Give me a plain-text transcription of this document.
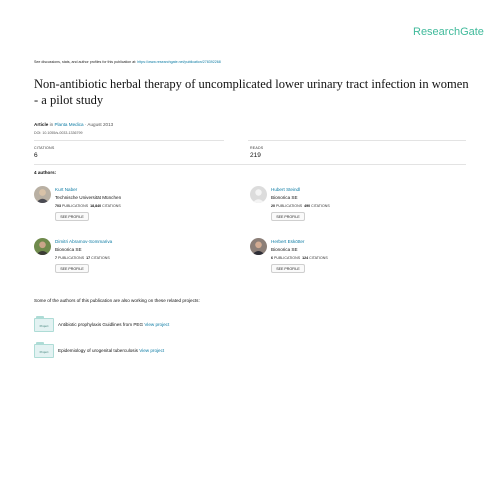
ResearchGate
See discussions, stats, and author profiles for this publication at: https://www.researchgate.net/publication/278392268
Non-antibiotic herbal therapy of uncomplicated lower urinary tract infection in women - a pilot study
Article in Planta Medica · August 2013
DOI: 10.1055/s-0033-1336799
CITATIONS
6
READS
219
4 authors:
Kurt Naber
Technische Universität München
703 PUBLICATIONS 18,840 CITATIONS
SEE PROFILE
Hubert Steindl
Bionorica SE
20 PUBLICATIONS 490 CITATIONS
SEE PROFILE
Dimitri Abramov-Sommariva
Bionorica SE
7 PUBLICATIONS 17 CITATIONS
SEE PROFILE
Herbert Eskötter
Bionorica SE
6 PUBLICATIONS 124 CITATIONS
SEE PROFILE
Some of the authors of this publication are also working on these related projects:
Project	Antibiotic prophylaxis Guidlines from PEG View project
Project	Epidemiology of urogenital tuberculosis View project
